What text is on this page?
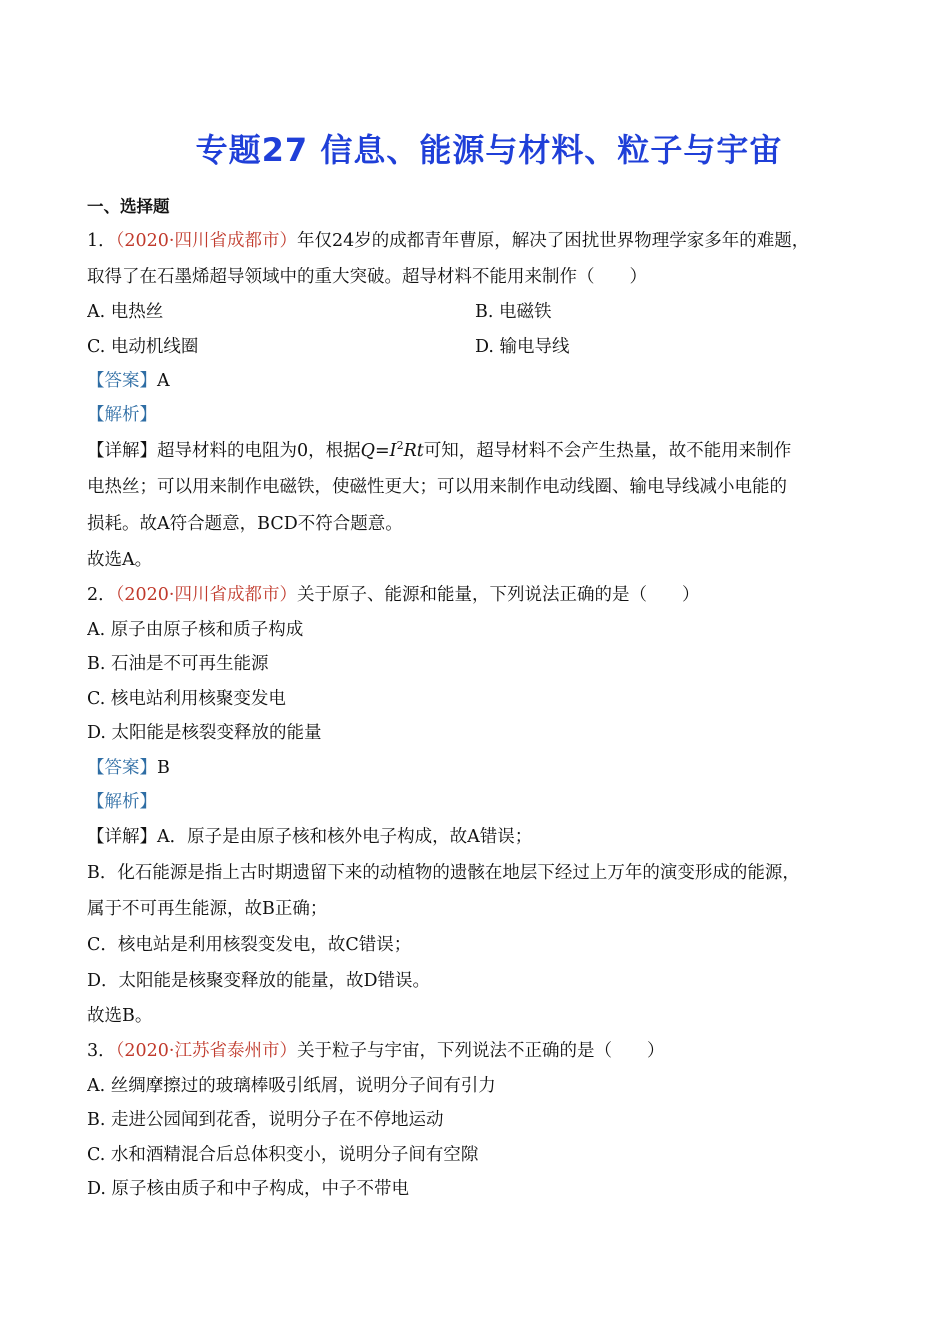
专题27 信息、能源与材料、粒子与宇宙
一、选择题
1．（2020·四川省成都市）年仅24岁的成都青年曹原，解决了困扰世界物理学家多年的难题，
取得了在石墨烯超导领域中的重大突破。超导材料不能用来制作（　　）
A. 电热丝	B. 电磁铁
C. 电动机线圈	D. 输电导线
【答案】A
【解析】
【详解】超导材料的电阻为0，根据$Q=I^2Rt$可知，超导材料不会产生热量，故不能用来制作
电热丝；可以用来制作电磁铁，使磁性更大；可以用来制作电动线圈、输电导线减小电能的
损耗。故A符合题意，BCD不符合题意。
故选A。
2．（2020·四川省成都市）关于原子、能源和能量，下列说法正确的是（　　）
A. 原子由原子核和质子构成
B. 石油是不可再生能源
C. 核电站利用核聚变发电
D. 太阳能是核裂变释放的能量
【答案】B
【解析】
【详解】A．原子是由原子核和核外电子构成，故A错误；
B．化石能源是指上古时期遗留下来的动植物的遗骸在地层下经过上万年的演变形成的能源，
属于不可再生能源，故B正确；
C．核电站是利用核裂变发电，故C错误；
D．太阳能是核聚变释放的能量，故D错误。
故选B。
3．（2020·江苏省泰州市）关于粒子与宇宙，下列说法不正确的是（　　）
A. 丝绸摩擦过的玻璃棒吸引纸屑，说明分子间有引力
B. 走进公园闻到花香，说明分子在不停地运动
C. 水和酒精混合后总体积变小，说明分子间有空隙
D. 原子核由质子和中子构成，中子不带电
